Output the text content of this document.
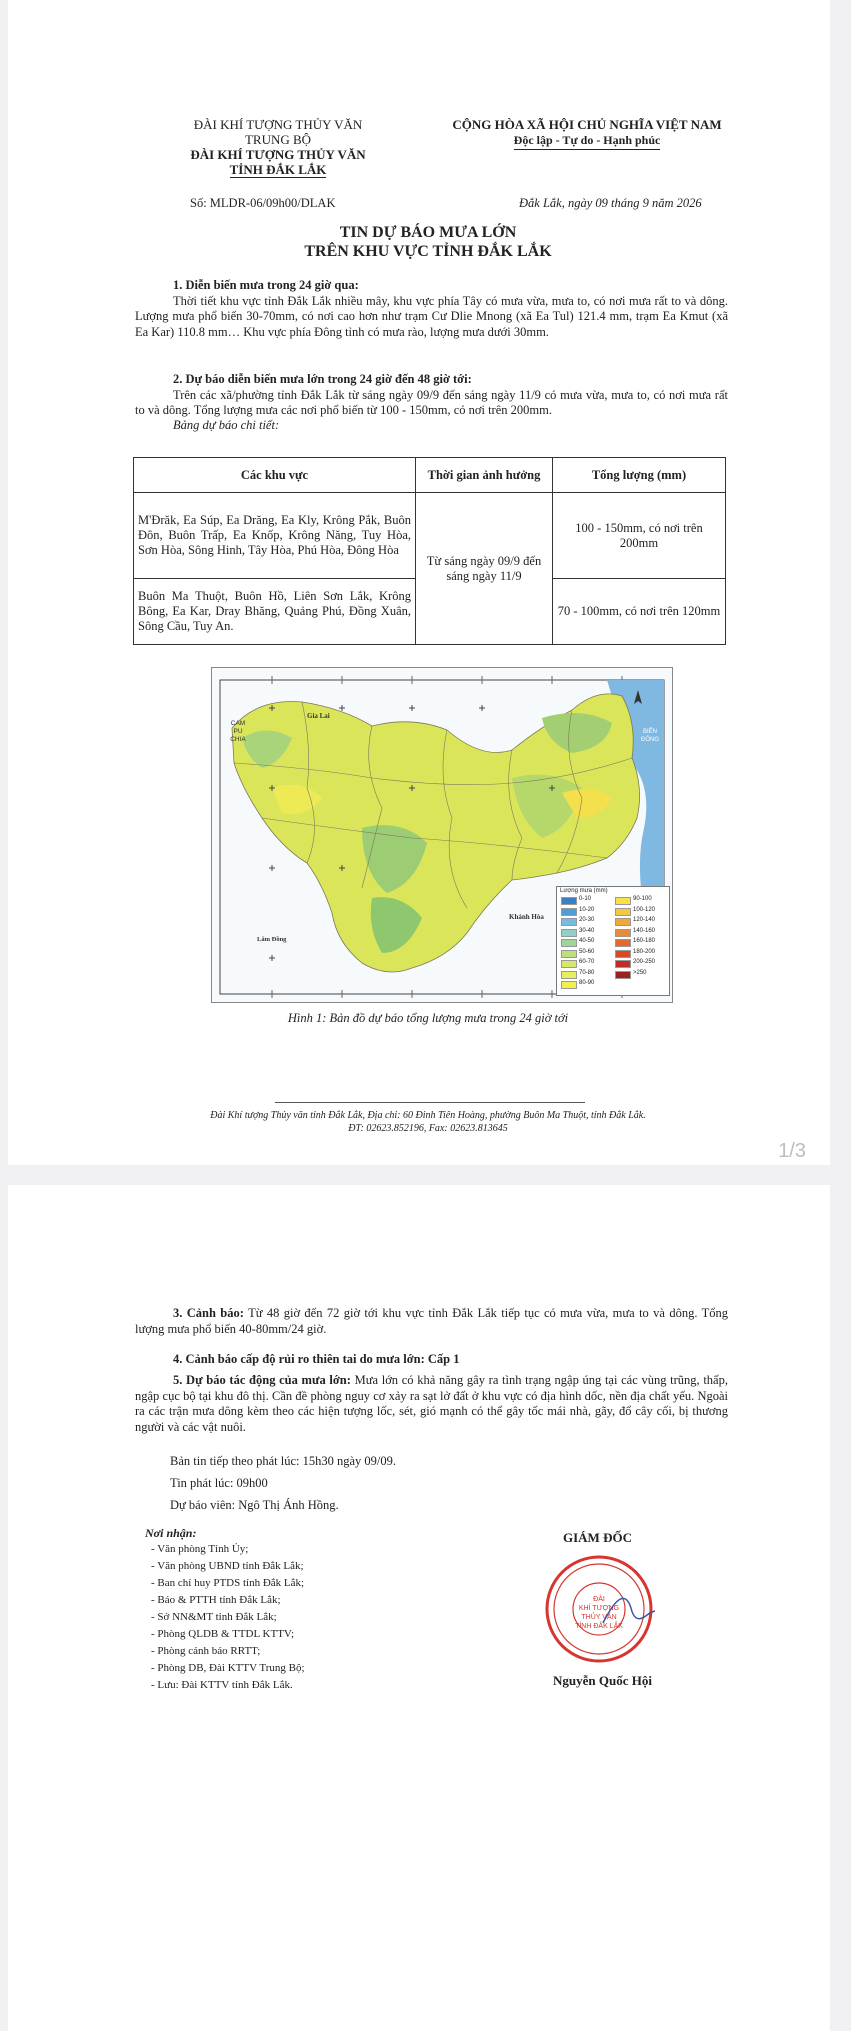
ĐÀI KHÍ TƯỢNG THỦY VĂN
TRUNG BỘ
ĐÀI KHÍ TƯỢNG THỦY VĂN
TỈNH ĐẮK LẮK
CỘNG HÒA XÃ HỘI CHỦ NGHĨA VIỆT NAM
Độc lập - Tự do - Hạnh phúc
Số: MLDR-06/09h00/DLAK	Đắk Lắk, ngày 09 tháng 9 năm 2026
TIN DỰ BÁO MƯA LỚN
TRÊN KHU VỰC TỈNH ĐẮK LẮK
1. Diễn biến mưa trong 24 giờ qua:
Thời tiết khu vực tỉnh Đắk Lắk nhiều mây, khu vực phía Tây có mưa vừa, mưa to, có nơi mưa rất to và dông. Lượng mưa phổ biến 30-70mm, có nơi cao hơn như trạm Cư Dlie Mnong (xã Ea Tul) 121.4 mm, trạm Ea Kmut (xã Ea Kar) 110.8 mm… Khu vực phía Đông tỉnh có mưa rào, lượng mưa dưới 30mm.
2. Dự báo diễn biến mưa lớn trong 24 giờ đến 48 giờ tới:
Trên các xã/phường tỉnh Đắk Lắk từ sáng ngày 09/9 đến sáng ngày 11/9 có mưa vừa, mưa to, có nơi mưa rất to và dông. Tổng lượng mưa các nơi phổ biến từ 100 - 150mm, có nơi trên 200mm.
Bảng dự báo chi tiết:
Các khu vực	Thời gian ảnh hưởng	Tổng lượng (mm)
M'Đrăk, Ea Súp, Ea Drăng, Ea Kly, Krông Pắk, Buôn Đôn, Buôn Trấp, Ea Knốp, Krông Năng, Tuy Hòa, Sơn Hòa, Sông Hinh, Tây Hòa, Phú Hòa, Đông Hòa	Từ sáng ngày 09/9 đến sáng ngày 11/9	100 - 150mm, có nơi trên 200mm
Buôn Ma Thuột, Buôn Hồ, Liên Sơn Lắk, Krông Bông, Ea Kar, Dray Bhăng, Quảng Phú, Đồng Xuân, Sông Cầu, Tuy An.		70 - 100mm, có nơi trên 120mm
CAM PU CHIA
Gia Lai
BIỂN ĐÔNG
Khánh Hòa
Lâm Đồng
Lượng mưa (mm)
0-10
10-20
20-30
30-40
40-50
50-60
60-70
70-80
80-90
90-100
100-120
120-140
140-160
160-180
180-200
200-250
>250
Hình 1: Bản đồ dự báo tổng lượng mưa trong 24 giờ tới
Đài Khí tượng Thủy văn tỉnh Đắk Lắk, Địa chỉ: 60 Đinh Tiên Hoàng, phường Buôn Ma Thuột, tỉnh Đắk Lắk.
ĐT: 02623.852196, Fax: 02623.813645
1/3
3. Cảnh báo: Từ 48 giờ đến 72 giờ tới khu vực tỉnh Đắk Lắk tiếp tục có mưa vừa, mưa to và dông. Tổng lượng mưa phổ biến 40-80mm/24 giờ.
4. Cảnh báo cấp độ rủi ro thiên tai do mưa lớn: Cấp 1
5. Dự báo tác động của mưa lớn: Mưa lớn có khả năng gây ra tình trạng ngập úng tại các vùng trũng, thấp, ngập cục bộ tại khu đô thị. Cần đề phòng nguy cơ xảy ra sạt lở đất ở khu vực có địa hình dốc, nền địa chất yếu. Ngoài ra các trận mưa dông kèm theo các hiện tượng lốc, sét, gió mạnh có thể gây tốc mái nhà, gãy, đổ cây cối, bị thương người và các vật nuôi.
Bản tin tiếp theo phát lúc: 15h30 ngày 09/09.
Tin phát lúc: 09h00
Dự báo viên: Ngô Thị Ánh Hồng.
Nơi nhận:
- Văn phòng Tỉnh Ủy;
- Văn phòng UBND tỉnh Đắk Lắk;
- Ban chỉ huy PTDS tỉnh Đắk Lắk;
- Báo & PTTH tỉnh Đắk Lắk;
- Sở NN&MT tỉnh Đắk Lắk;
- Phòng QLDB & TTDL KTTV;
- Phòng cảnh báo RRTT;
- Phòng DB, Đài KTTV Trung Bộ;
- Lưu: Đài KTTV tỉnh Đắk Lắk.
GIÁM ĐỐC
ĐÀI
KHÍ TƯỢNG
THỦY VĂN
TỈNH ĐẮK LẮK
Nguyễn Quốc Hội
